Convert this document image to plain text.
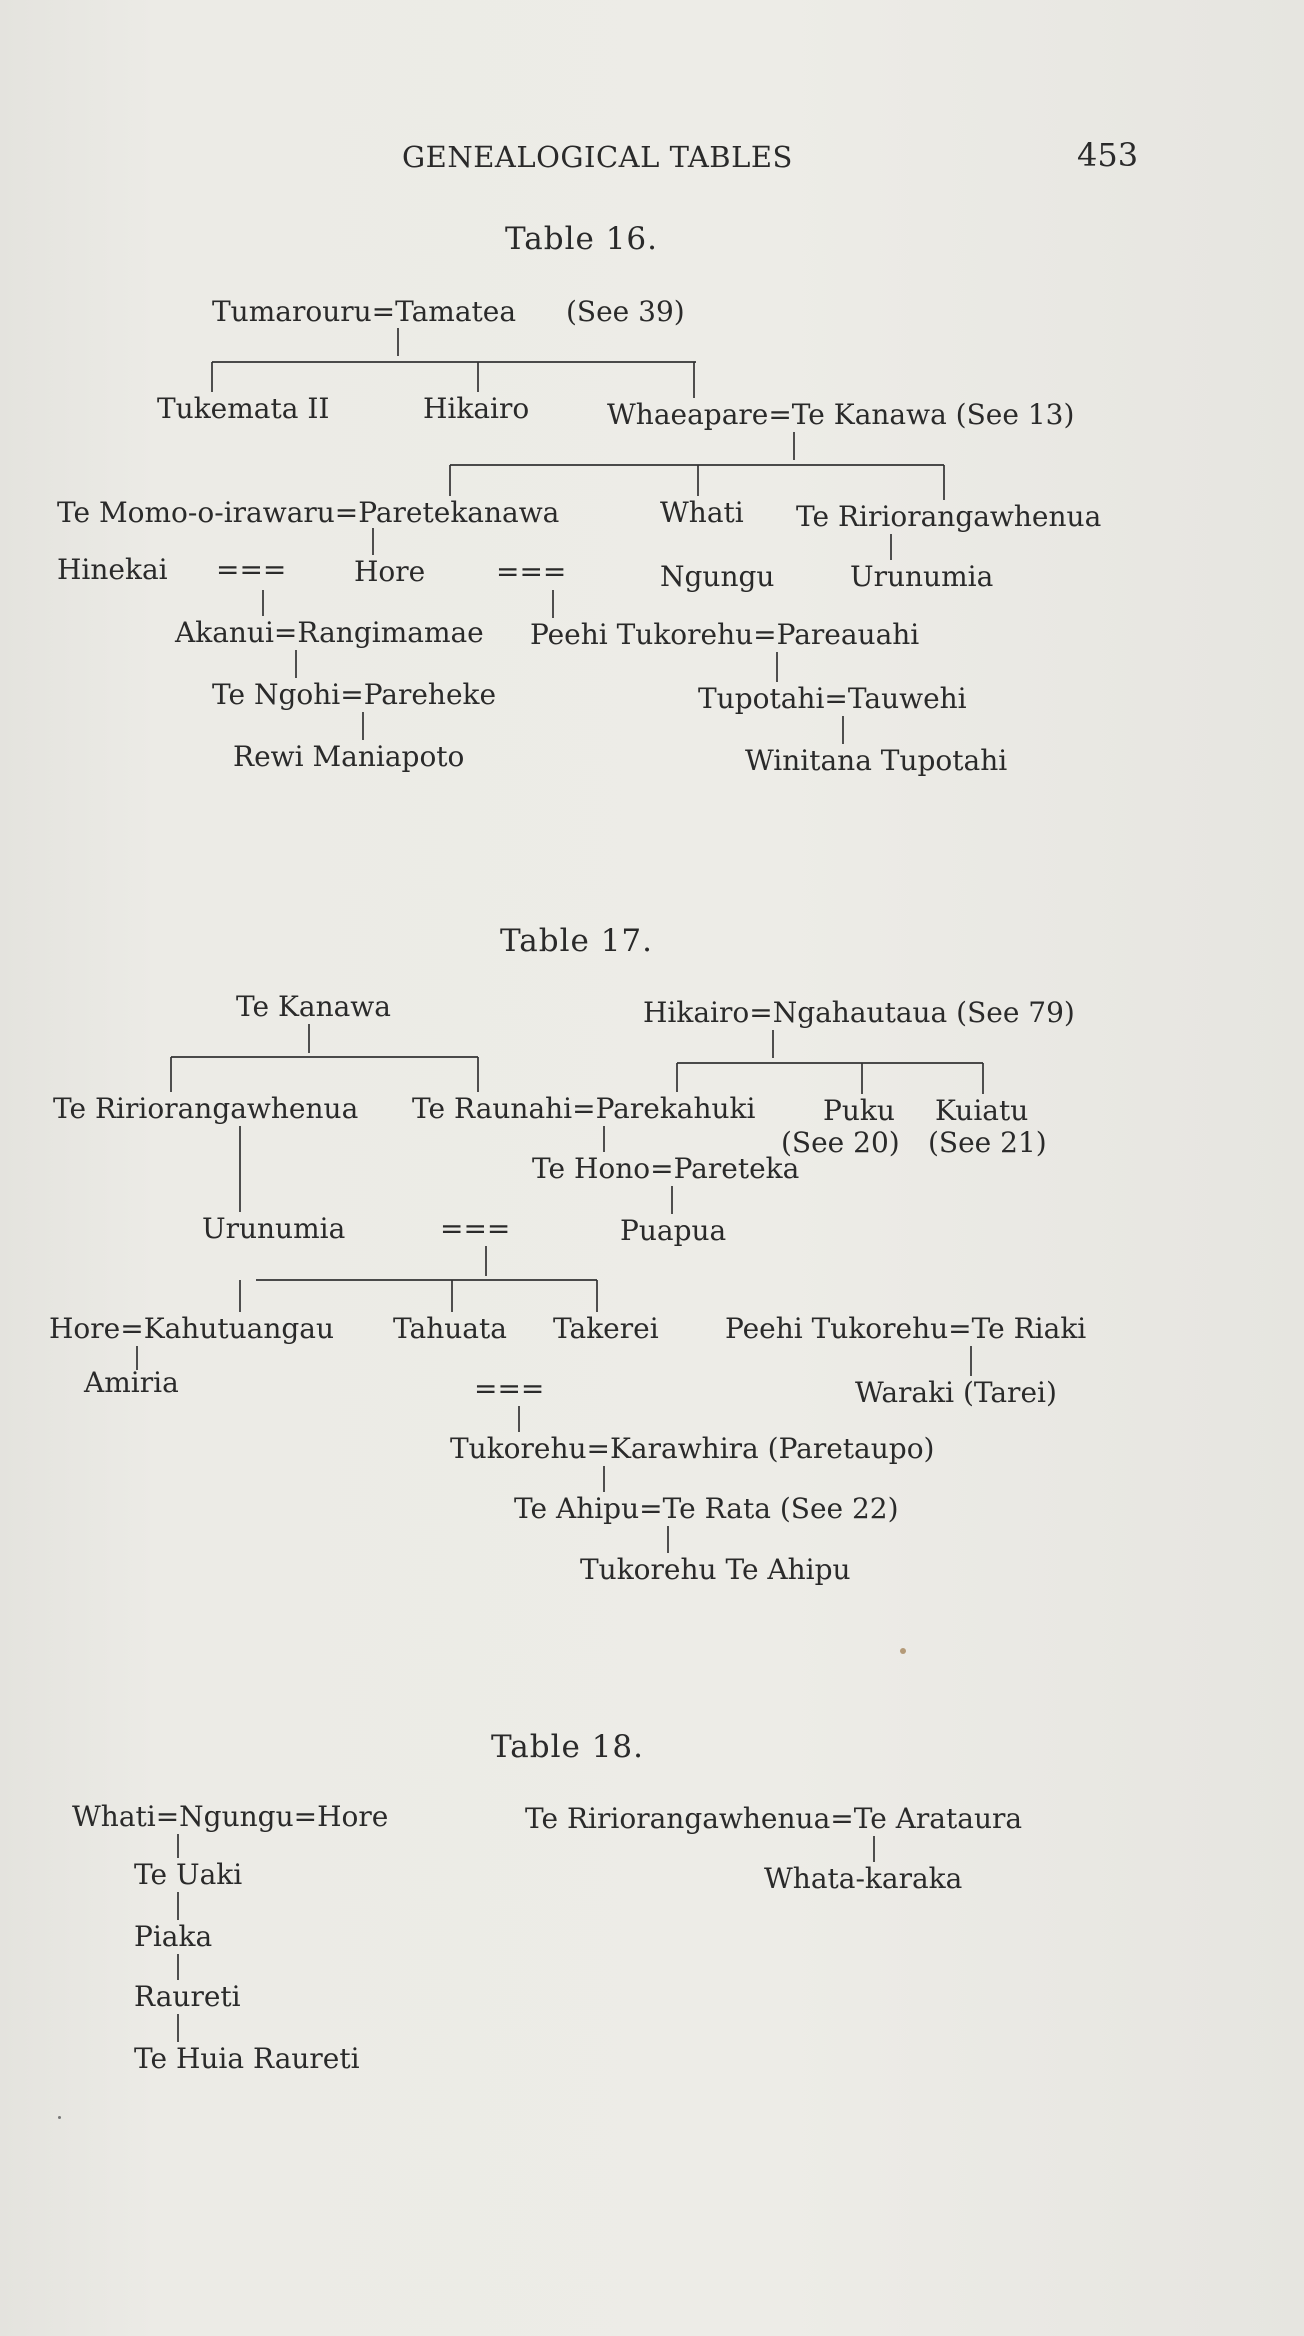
GENEALOGICAL TABLES	453
Table 16.
Tumarouru=Tamatea (See 39)
Tukemata II	Hikairo	Whaeapare=Te Kanawa (See 13)
Te Momo-o-irawaru=Paretekanawa	Whati Te Ririorangawhenua
Hinekai === Hore	===	Ngungu	Urunumia
Akanui=Rangimamae Peehi Tukorehu=Pareauahi
Te Ngohi=Pareheke	Tupotahi=Tauwehi
Rewi Maniapoto	Winitana Tupotahi
Table 17.
Te Kanawa	Hikairo=Ngahautaua (See 79)
Te Ririorangawhenua Te Raunahi=Parekahuki Puku Kuiatu
(See 20) (See 21)
Te Hono=Pareteka
Urunumia	===	Puapua
Hore=Kahutuangau Tahuata Takerei Peehi Tukorehu=Te Riaki
Amiria	===	Waraki (Tarei)
Tukorehu=Karawhira (Paretaupo)
Te Ahipu=Te Rata (See 22)
Tukorehu Te Ahipu
Table 18.
Whati=Ngungu=Hore
Te Uaki
Piaka
Raureti
Te Huia Raureti
Te Ririorangawhenua=Te Arataura
Whata-karaka
